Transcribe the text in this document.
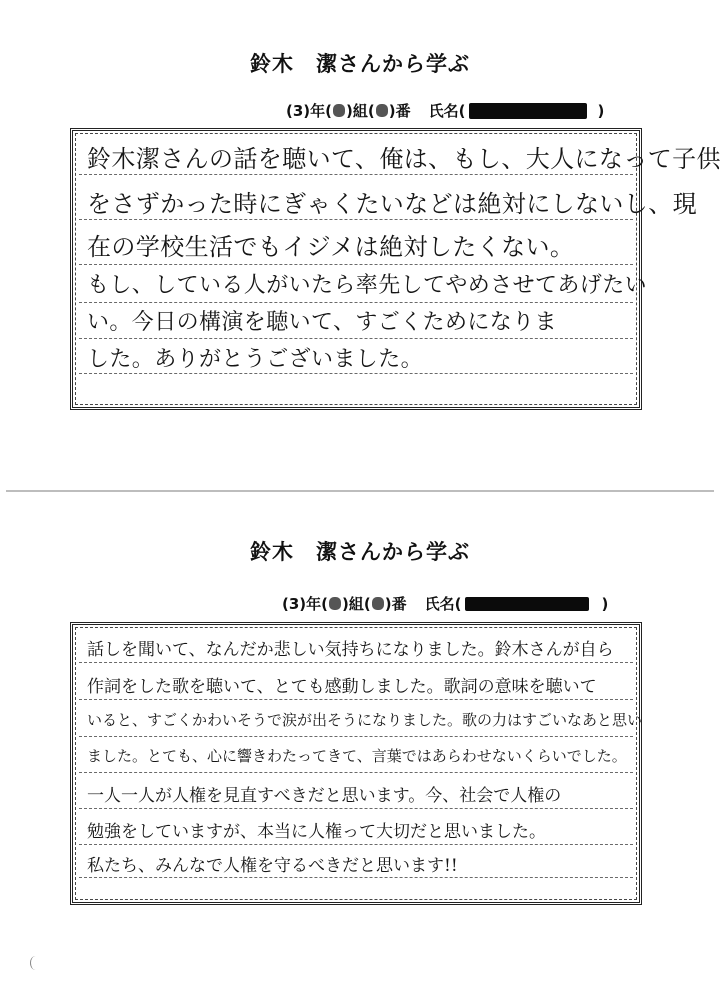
鈴木　潔さんから学ぶ
( 3 )年( )組( )番 氏名(	)
鈴木潔さんの話を聴いて、俺は、もし、大人になって子供
をさずかった時にぎゃくたいなどは絶対にしないし、現
在の学校生活でもイジメは絶対したくない。
もし、している人がいたら率先してやめさせてあげたい
い。今日の構演を聴いて、すごくためになりま
した。ありがとうございました。
鈴木　潔さんから学ぶ
( 3 )年( )組( )番 氏名(	)
話しを聞いて、なんだか悲しい気持ちになりました。鈴木さんが自ら
作詞をした歌を聴いて、とても感動しました。歌詞の意味を聴いて
いると、すごくかわいそうで涙が出そうになりました。歌の力はすごいなあと思い
ました。とても、心に響きわたってきて、言葉ではあらわせないくらいでした。
一人一人が人権を見直すべきだと思います。今、社会で人権の
勉強をしていますが、本当に人権って大切だと思いました。
私たち、みんなで人権を守るべきだと思います!!
